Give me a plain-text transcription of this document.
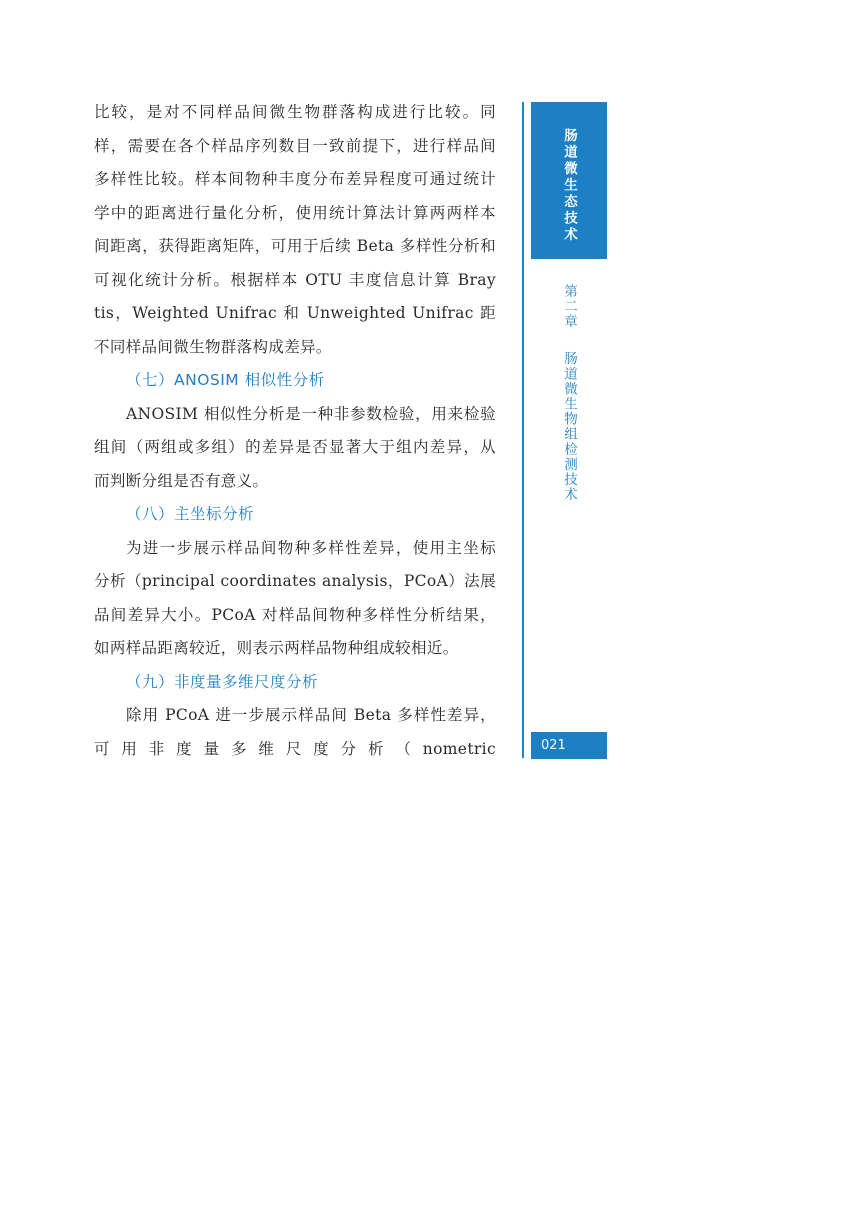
比较，是对不同样品间微生物群落构成进行比较。同
样，需要在各个样品序列数目一致前提下，进行样品间
多样性比较。样本间物种丰度分布差异程度可通过统计
学中的距离进行量化分析，使用统计算法计算两两样本
间距离，获得距离矩阵，可用于后续 Beta 多样性分析和
可视化统计分析。根据样本 OTU 丰度信息计算 Bray
tis，Weighted Unifrac 和 Unweighted Unifrac 距
不同样品间微生物群落构成差异。
（七）ANOSIM 相似性分析
ANOSIM 相似性分析是一种非参数检验，用来检验
组间（两组或多组）的差异是否显著大于组内差异，从
而判断分组是否有意义。
（八）主坐标分析
为进一步展示样品间物种多样性差异，使用主坐标
分析（principal coordinates analysis，PCoA）法展
品间差异大小。PCoA 对样品间物种多样性分析结果，
如两样品距离较近，则表示两样品物种组成较相近。
（九）非度量多维尺度分析
除用 PCoA 进一步展示样品间 Beta 多样性差异，
可用非度量多维尺度分析（nometric
肠道微生态技术
第二章肠道微生物组检测技术
021
